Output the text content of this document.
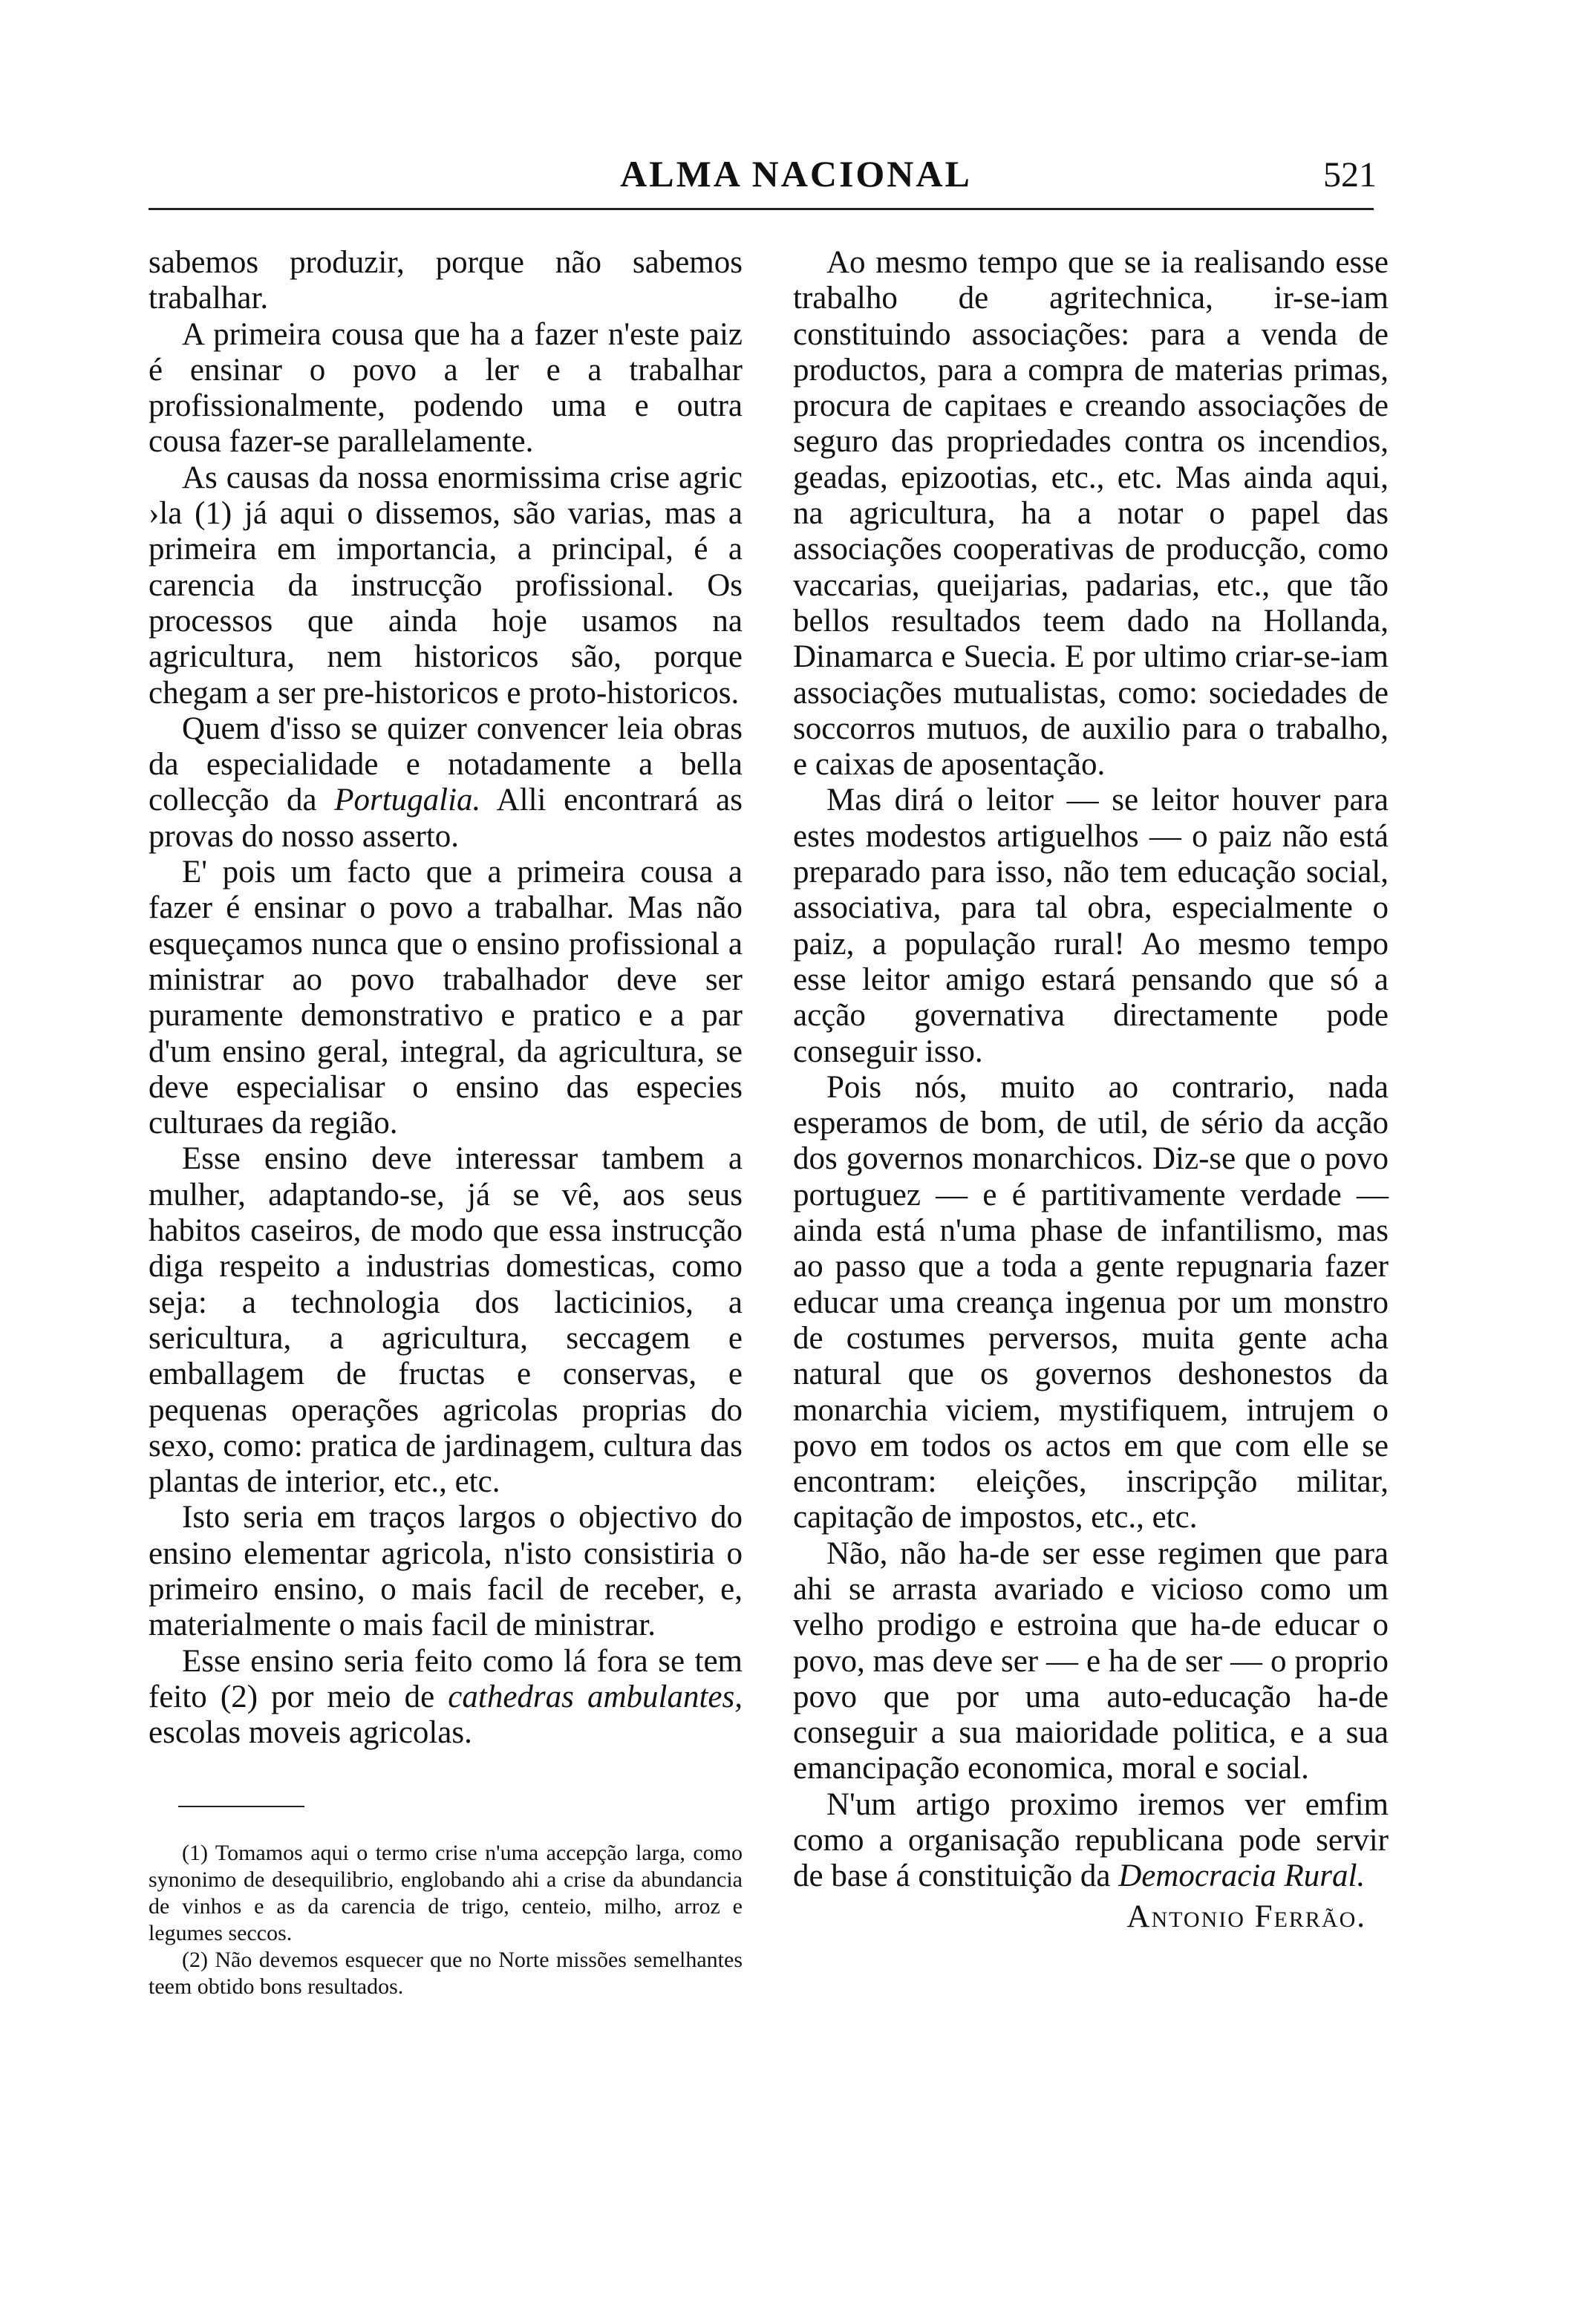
ALMA NACIONAL	521

sabemos produzir, porque não sabemos trabalhar.

A primeira cousa que ha a fazer n'este paiz é ensinar o povo a ler e a trabalhar profissionalmente, podendo uma e outra cousa fazer-se parallelamente.

As causas da nossa enormissima crise agric ›la (1) já aqui o dissemos, são varias, mas a primeira em importancia, a principal, é a carencia da instrucção profissional. Os processos que ainda hoje usamos na agricultura, nem historicos são, porque chegam a ser pre-historicos e proto-historicos.

Quem d'isso se quizer convencer leia obras da especialidade e notadamente a bella collecção da Portugalia. Alli encontrará as provas do nosso asserto.

E' pois um facto que a primeira cousa a fazer é ensinar o povo a trabalhar. Mas não esqueçamos nunca que o ensino profissional a ministrar ao povo trabalhador deve ser puramente demonstrativo e pratico e a par d'um ensino geral, integral, da agricultura, se deve especialisar o ensino das especies culturaes da região.

Esse ensino deve interessar tambem a mulher, adaptando-se, já se vê, aos seus habitos caseiros, de modo que essa instrucção diga respeito a industrias domesticas, como seja: a technologia dos lacticinios, a sericultura, a agricultura, seccagem e emballagem de fructas e conservas, e pequenas operações agricolas proprias do sexo, como: pratica de jardinagem, cultura das plantas de interior, etc., etc.

Isto seria em traços largos o objectivo do ensino elementar agricola, n'isto consistiria o primeiro ensino, o mais facil de receber, e, materialmente o mais facil de ministrar.

Esse ensino seria feito como lá fora se tem feito (2) por meio de cathedras ambulantes, escolas moveis agricolas.

(1) Tomamos aqui o termo crise n'uma accepção larga, como synonimo de desequilibrio, englobando ahi a crise da abundancia de vinhos e as da carencia de trigo, centeio, milho, arroz e legumes seccos.

(2) Não devemos esquecer que no Norte missões semelhantes teem obtido bons resultados.

Ao mesmo tempo que se ia realisando esse trabalho de agritechnica, ir-se-iam constituindo associações: para a venda de productos, para a compra de materias primas, procura de capitaes e creando associações de seguro das propriedades contra os incendios, geadas, epizootias, etc., etc. Mas ainda aqui, na agricultura, ha a notar o papel das associações cooperativas de producção, como vaccarias, queijarias, padarias, etc., que tão bellos resultados teem dado na Hollanda, Dinamarca e Suecia. E por ultimo criar-se-iam associações mutualistas, como: sociedades de soccorros mutuos, de auxilio para o trabalho, e caixas de aposentação.

Mas dirá o leitor — se leitor houver para estes modestos artiguelhos — o paiz não está preparado para isso, não tem educação social, associativa, para tal obra, especialmente o paiz, a população rural! Ao mesmo tempo esse leitor amigo estará pensando que só a acção governativa directamente pode conseguir isso.

Pois nós, muito ao contrario, nada esperamos de bom, de util, de sério da acção dos governos monarchicos. Diz-se que o povo portuguez — e é partitivamente verdade — ainda está n'uma phase de infantilismo, mas ao passo que a toda a gente repugnaria fazer educar uma creança ingenua por um monstro de costumes perversos, muita gente acha natural que os governos deshonestos da monarchia viciem, mystifiquem, intrujem o povo em todos os actos em que com elle se encontram: eleições, inscripção militar, capitação de impostos, etc., etc.

Não, não ha-de ser esse regimen que para ahi se arrasta avariado e vicioso como um velho prodigo e estroina que ha-de educar o povo, mas deve ser — e ha de ser — o proprio povo que por uma auto-educação ha-de conseguir a sua maioridade politica, e a sua emancipação economica, moral e social.

N'um artigo proximo iremos ver emfim como a organisação republicana pode servir de base á constituição da Democracia Rural.

Antonio Ferrão.
